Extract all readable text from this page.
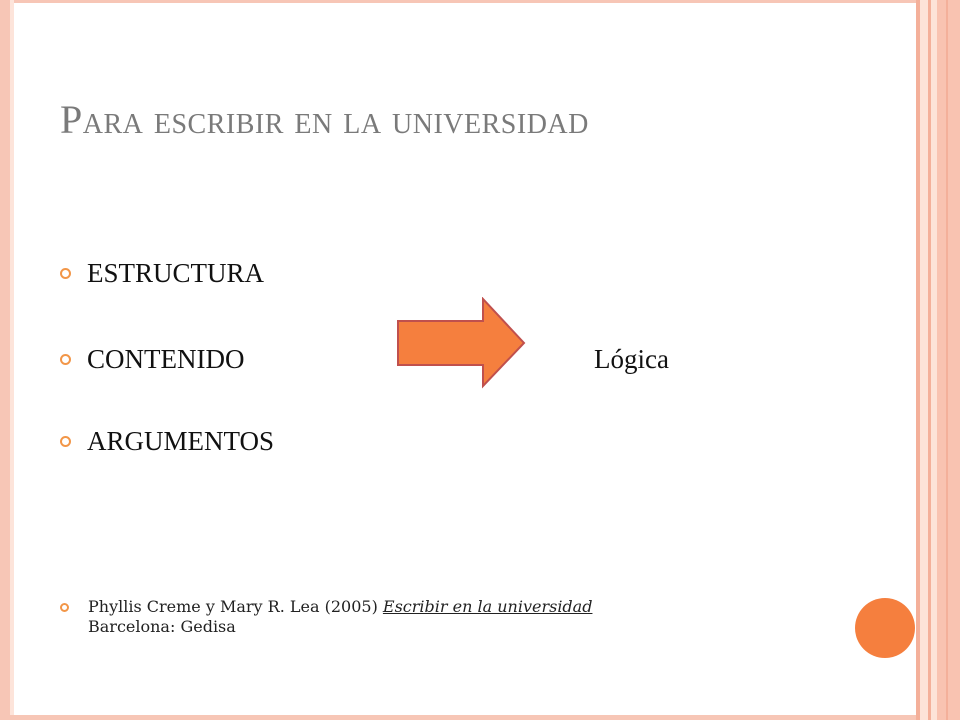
Para escribir en la universidad
ESTRUCTURA
CONTENIDO
ARGUMENTOS
Lógica
Phyllis Creme y Mary R. Lea (2005) Escribir en la universidad
Barcelona: Gedisa
